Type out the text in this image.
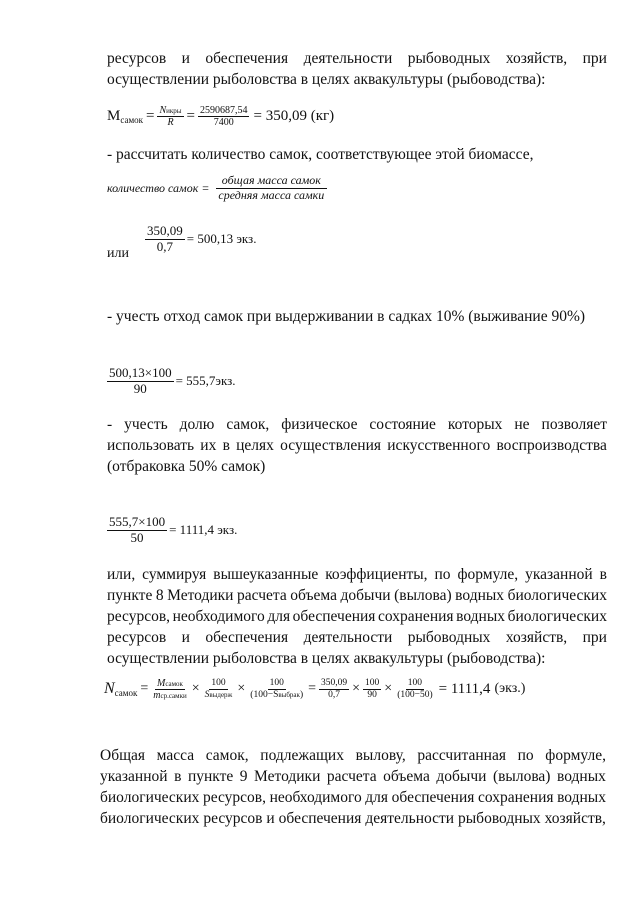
ресурсов и обеспечения деятельности рыбоводных хозяйств, при
осуществлении рыболовства в целях аквакультуры (рыбоводства):
$M_{самок} = \frac{\text{Nикры}}{R} = \frac{2590687,54}{7400} = 350,09$ (кг)
- рассчитать количество самок, соответствующее этой биомассе,
количество самок = $\frac{\text{общая масса самок}}{\text{средняя масса самки}}$
$\frac{350,09}{0,7} = 500,13$ экз.
или
- учесть отход самок при выдерживании в садках 10% (выживание 90%)
$\frac{500,13\times 100}{90} = 555,7экз$.
- учесть долю самок, физическое состояние которых не позволяет
использовать их в целях осуществления искусственного воспроизводства
(отбраковка 50% самок)
$\frac{555,7\times 100}{50} = 1111,4$ экз.
или, суммируя вышеуказанные коэффициенты, по формуле, указанной в
пункте 8 Методики расчета объема добычи (вылова) водных биологических
ресурсов, необходимого для обеспечения сохранения водных биологических
ресурсов и обеспечения деятельности рыбоводных хозяйств, при
осуществлении рыболовства в целях аквакультуры (рыбоводства):
$N_{самок} = \frac{\text{Mсамок}}{\text{mср.самки}} \times \frac{100}{\text{Sвыдерж}} \times \frac{100}{\text{(100−Sвыбрак)}} = \frac{350,09}{0,7} \times \frac{100}{90} \times \frac{100}{(100-50)} = 1111,4$ (экз.)
Общая масса самок, подлежащих вылову, рассчитанная по формуле,
указанной в пункте 9 Методики расчета объема добычи (вылова) водных
биологических ресурсов, необходимого для обеспечения сохранения водных
биологических ресурсов и обеспечения деятельности рыбоводных хозяйств,
